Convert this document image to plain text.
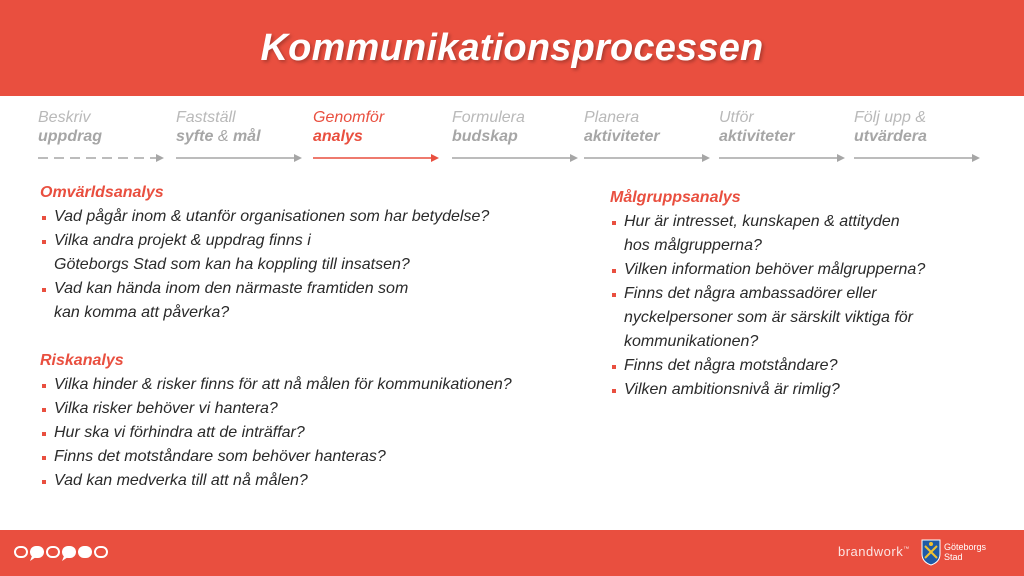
Kommunikationsprocessen
Beskriv
uppdrag
Fastställ
syfte & mål
Genomför
analys
Formulera
budskap
Planera
aktiviteter
Utför
aktiviteter
Följ upp &
utvärdera
Omvärldsanalys
Vad pågår inom & utanför organisationen som har betydelse?
Vilka andra projekt & uppdrag finns i
Göteborgs Stad som kan ha koppling till insatsen?
Vad kan hända inom den närmaste framtiden som
kan komma att påverka?
Riskanalys
Vilka hinder & risker finns för att nå målen för kommunikationen?
Vilka risker behöver vi hantera?
Hur ska vi förhindra att de inträffar?
Finns det motståndare som behöver hanteras?
Vad kan medverka till att nå målen?
Målgruppsanalys
Hur är intresset, kunskapen & attityden
hos målgrupperna?
Vilken information behöver målgrupperna?
Finns det några ambassadörer eller
nyckelpersoner som är särskilt viktiga för
kommunikationen?
Finns det några motståndare?
Vilken ambitionsnivå är rimlig?
brandwork™	Göteborgs
Stad
